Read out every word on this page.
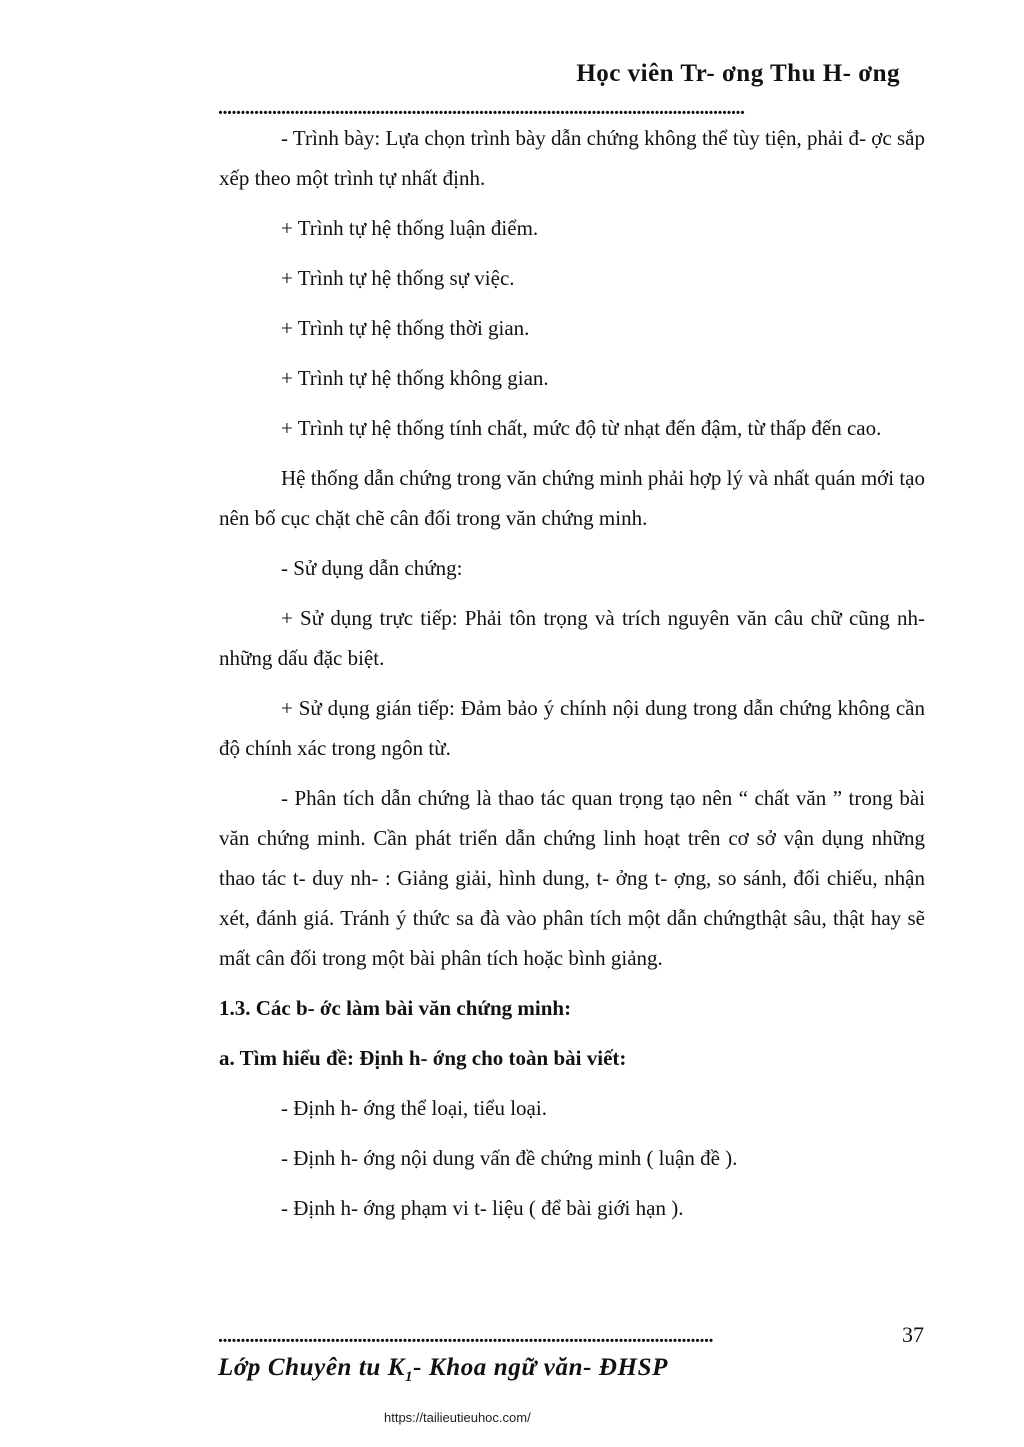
Học viên Tr- ơng Thu H- ơng
.....................................................................................................................

- Trình bày: Lựa chọn trình bày dẫn chứng không thể tùy tiện, phải đ- ợc sắp xếp theo một trình tự nhất định.

+ Trình tự hệ thống luận điểm.

+ Trình tự hệ thống sự việc.

+ Trình tự hệ thống thời gian.

+ Trình tự hệ thống không gian.

+ Trình tự hệ thống tính chất, mức độ từ nhạt đến đậm, từ thấp đến cao.

Hệ thống dẫn chứng trong văn chứng minh phải hợp lý và nhất quán mới tạo nên bố cục chặt chẽ cân đối trong văn chứng minh.

- Sử dụng dẫn chứng:

+ Sử dụng trực tiếp: Phải tôn trọng và trích nguyên văn câu chữ cũng nh- những dấu đặc biệt.

+ Sử dụng gián tiếp: Đảm bảo ý chính nội dung trong dẫn chứng không cần độ chính xác trong ngôn từ.

- Phân tích dẫn chứng là thao tác quan trọng tạo nên “ chất văn ” trong bài văn chứng minh. Cần phát triển dẫn chứng linh hoạt trên cơ sở vận dụng những thao tác t- duy nh- : Giảng giải, hình dung, t- ởng t- ợng, so sánh, đối chiếu, nhận xét, đánh giá. Tránh ý thức sa đà vào phân tích một dẫn chứngthật sâu, thật hay sẽ mất cân đối trong một bài phân tích hoặc bình giảng.

1.3. Các b- ớc làm bài văn chứng minh:

a. Tìm hiểu đề: Định h- ớng cho toàn bài viết:

- Định h- ớng thể loại, tiểu loại.

- Định h- ớng nội dung vấn đề chứng minh ( luận đề ).

- Định h- ớng phạm vi t- liệu ( để bài giới hạn ).

..............................................................................................................	37
Lớp Chuyên tu $K_1-$ Khoa ngữ văn- ĐHSP
https://tailieutieuhoc.com/
